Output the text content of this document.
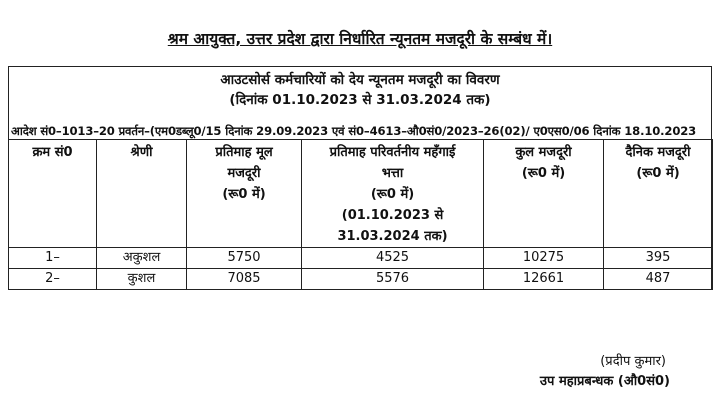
श्रम आयुक्त, उत्तर प्रदेश द्वारा निर्धारित न्यूनतम मजदूरी के सम्बंध में।
आउटसोर्स कर्मचारियों को देय न्यूनतम मजदूरी का विवरण
(दिनांक 01.10.2023 से 31.03.2024 तक)
आदेश सं0–1013–20 प्रवर्तन–(एम0डब्लू0/15 दिनांक 29.09.2023 एवं सं0–4613–औ0सं0/2023–26(02)/ ए0एस0/06 दिनांक 18.10.2023
क्रम सं0	श्रेणी	प्रतिमाह मूल
मजदूरी
(रू0 में)	प्रतिमाह परिवर्तनीय महँगाई
भत्ता
(रू0 में)
(01.10.2023 से
31.03.2024 तक)	कुल मजदूरी
(रू0 में)	दैनिक मजदूरी
(रू0 में)
1–	अकुशल	5750	4525	10275	395
2–	कुशल	7085	5576	12661	487
(प्रदीप कुमार)
उप महाप्रबन्धक (औ0सं0)
